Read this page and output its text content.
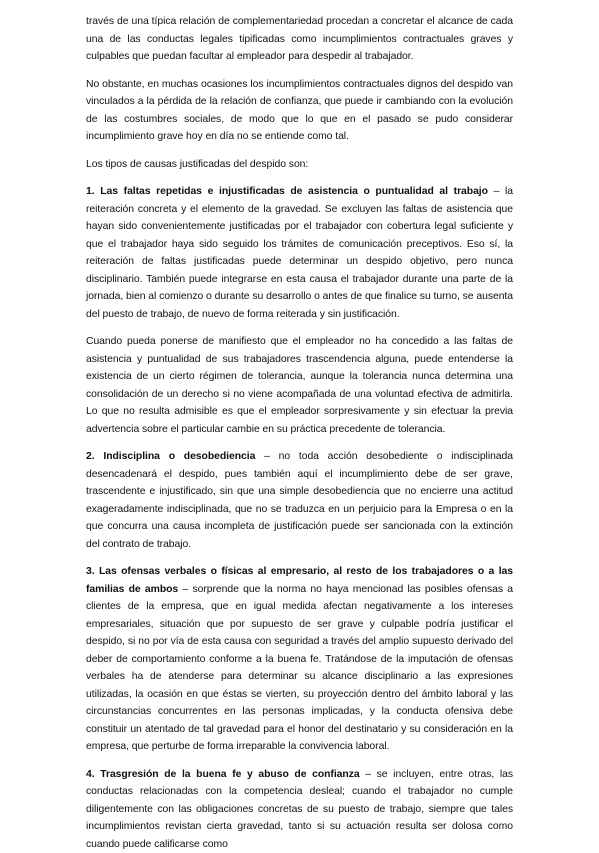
través de una típica relación de complementariedad procedan a concretar el alcance de cada una de las conductas legales tipificadas como incumplimientos contractuales graves y culpables que puedan facultar al empleador para despedir al trabajador.

No obstante, en muchas ocasiones los incumplimientos contractuales dignos del despido van vinculados a la pérdida de la relación de confianza, que puede ir cambiando con la evolución de las costumbres sociales, de modo que lo que en el pasado se pudo considerar incumplimiento grave hoy en día no se entiende como tal.

Los tipos de causas justificadas del despido son:

1. Las faltas repetidas e injustificadas de asistencia o puntualidad al trabajo – la reiteración concreta y el elemento de la gravedad. Se excluyen las faltas de asistencia que hayan sido convenientemente justificadas por el trabajador con cobertura legal suficiente y que el trabajador haya sido seguido los trámites de comunicación preceptivos. Eso sí, la reiteración de faltas justificadas puede determinar un despido objetivo, pero nunca disciplinario. También puede integrarse en esta causa el trabajador durante una parte de la jornada, bien al comienzo o durante su desarrollo o antes de que finalice su turno, se ausenta del puesto de trabajo, de nuevo de forma reiterada y sin justificación.

Cuando pueda ponerse de manifiesto que el empleador no ha concedido a las faltas de asistencia y puntualidad de sus trabajadores trascendencia alguna, puede entenderse la existencia de un cierto régimen de tolerancia, aunque la tolerancia nunca determina una consolidación de un derecho si no viene acompañada de una voluntad efectiva de admitirla. Lo que no resulta admisible es que el empleador sorpresivamente y sin efectuar la previa advertencia sobre el particular cambie en su práctica precedente de tolerancia.

2. Indisciplina o desobediencia – no toda acción desobediente o indisciplinada desencadenará el despido, pues también aquí el incumplimiento debe de ser grave, trascendente e injustificado, sin que una simple desobediencia que no encierre una actitud exageradamente indisciplinada, que no se traduzca en un perjuicio para la Empresa o en la que concurra una causa incompleta de justificación puede ser sancionada con la extinción del contrato de trabajo.

3. Las ofensas verbales o físicas al empresario, al resto de los trabajadores o a las familias de ambos – sorprende que la norma no haya mencionad las posibles ofensas a clientes de la empresa, que en igual medida afectan negativamente a los intereses empresariales, situación que por supuesto de ser grave y culpable podría justificar el despido, si no por vía de esta causa con seguridad a través del amplio supuesto derivado del deber de comportamiento conforme a la buena fe. Tratándose de la imputación de ofensas verbales ha de atenderse para determinar su alcance disciplinario a las expresiones utilizadas, la ocasión en que éstas se vierten, su proyección dentro del ámbito laboral y las circunstancias concurrentes en las personas implicadas, y la conducta ofensiva debe constituir un atentado de tal gravedad para el honor del destinatario y su consideración en la empresa, que perturbe de forma irreparable la convivencia laboral.

4. Trasgresión de la buena fe y abuso de confianza – se incluyen, entre otras, las conductas relacionadas con la competencia desleal; cuando el trabajador no cumple diligentemente con las obligaciones concretas de su puesto de trabajo, siempre que tales incumplimientos revistan cierta gravedad, tanto si su actuación resulta ser dolosa como cuando puede calificarse como
